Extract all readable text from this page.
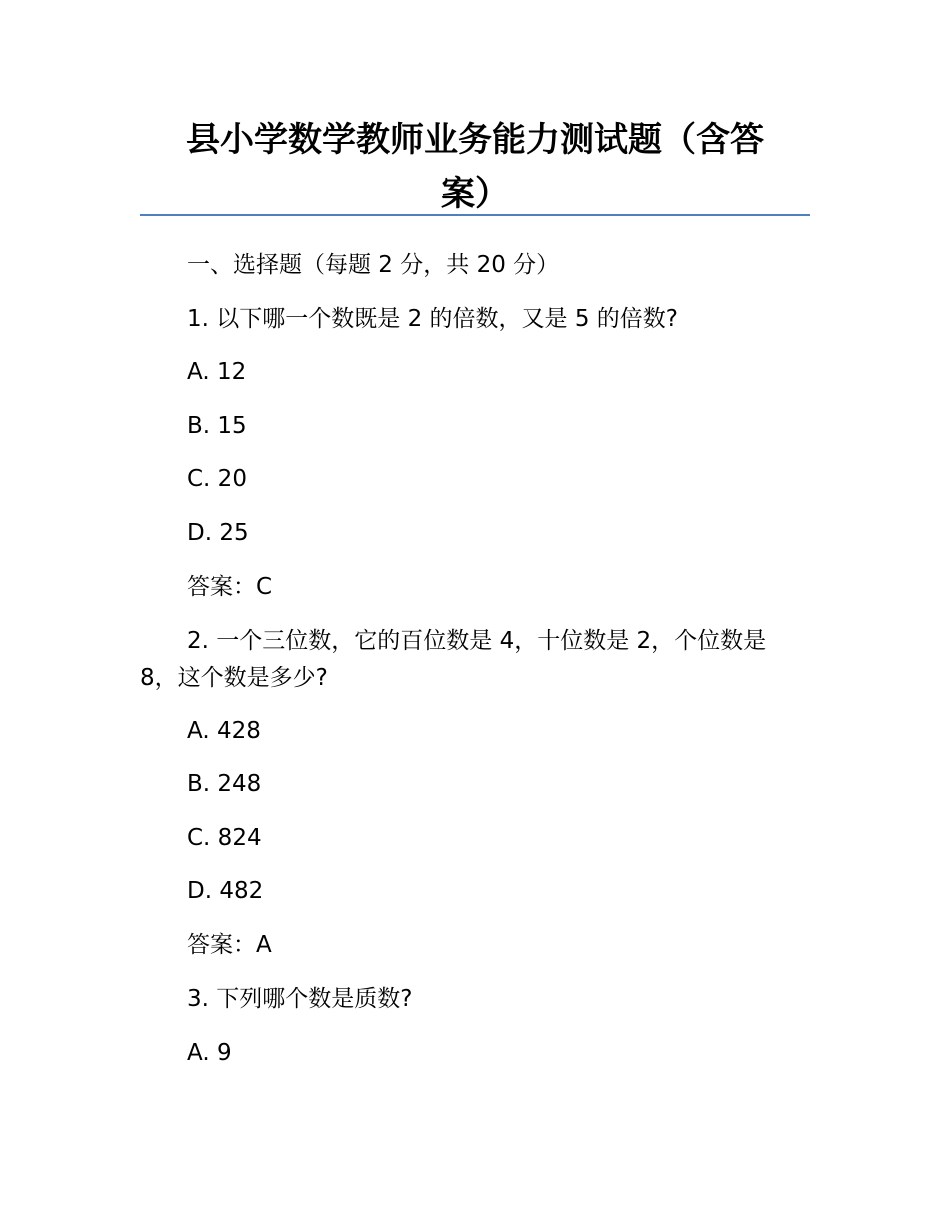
县小学数学教师业务能力测试题（含答
案）

一、选择题（每题 2 分，共 20 分）

1. 以下哪一个数既是 2 的倍数，又是 5 的倍数?

A. 12

B. 15

C. 20

D. 25

答案：C

2. 一个三位数，它的百位数是 4，十位数是 2，个位数是

8，这个数是多少?

A. 428

B. 248

C. 824

D. 482

答案：A

3. 下列哪个数是质数?

A. 9
